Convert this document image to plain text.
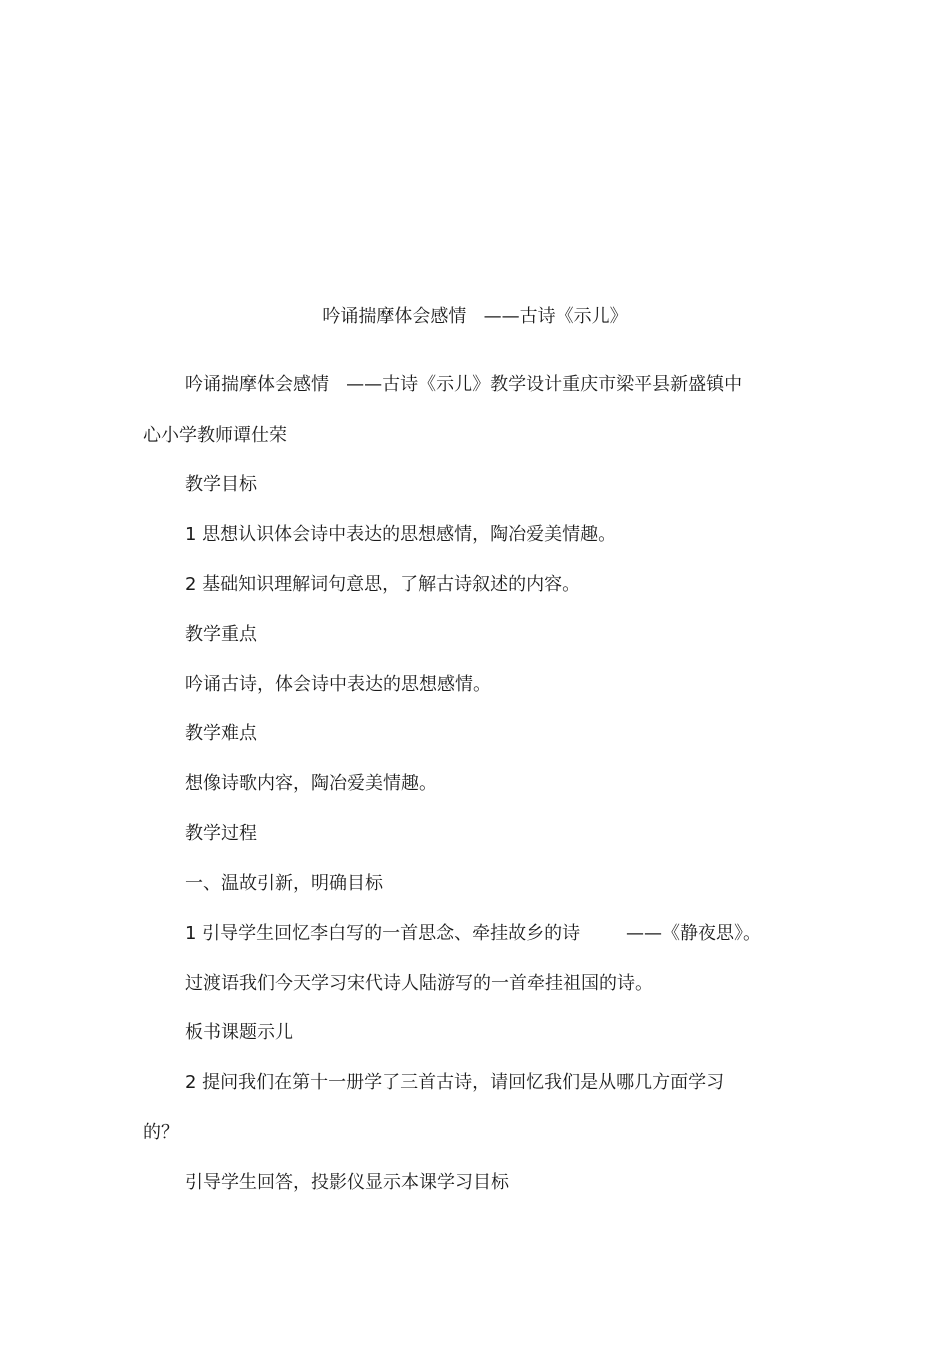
吟诵揣摩体会感情   ——古诗《示儿》
吟诵揣摩体会感情   ——古诗《示儿》教学设计重庆市梁平县新盛镇中
心小学教师谭仕荣
教学目标
1 思想认识体会诗中表达的思想感情，陶冶爱美情趣。
2 基础知识理解词句意思，了解古诗叙述的内容。
教学重点
吟诵古诗，体会诗中表达的思想感情。
教学难点
想像诗歌内容，陶冶爱美情趣。
教学过程
一、温故引新，明确目标
1 引导学生回忆李白写的一首思念、牵挂故乡的诗        ——《静夜思》。
过渡语我们今天学习宋代诗人陆游写的一首牵挂祖国的诗。
板书课题示儿
2 提问我们在第十一册学了三首古诗，请回忆我们是从哪几方面学习
的？
引导学生回答，投影仪显示本课学习目标
